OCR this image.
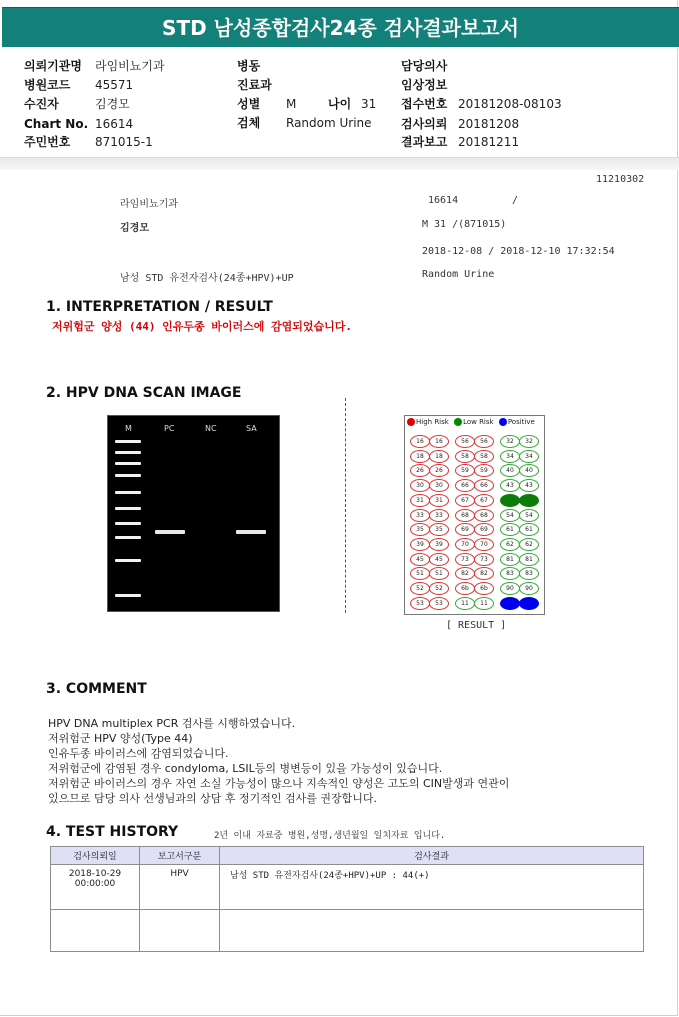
STD 남성종합검사24종 검사결과보고서
의뢰기관명 라임비뇨기과
병원코드 45571
수진자	김경모
Chart No. 16614
주민번호 871015-1
병동
진료과
성별 M	나이 31
검체 Random Urine
담당의사
임상정보
접수번호 20181208-08103
검사의뢰 20181208
결과보고 20181211
11210302
라임비뇨기과	16614	/
김경모	M 31 /(871015)
2018-12-08 / 2018-12-10 17:32:54
남성 STD 유전자검사(24종+HPV)+UP	Random Urine
1. INTERPRETATION / RESULT
저위험군 양성 (44) 인유두종 바이러스에 감염되었습니다.
2. HPV DNA SCAN IMAGE
M	PC	NC	SA
High Risk Low Risk Positive
16	16	56	56	32	32
18	18	58	58	34	34
26	26	59	59	40	40
30	30	66	66	43	43
31	31	67	67	44	44
33	33	68	68	54	54
35	35	69	69	61	61
39	39	70	70	62	62
45	45	73	73	81	81
51	51	82	82	83	83
52	52	6b	6b	90	90
53	53	11	11
[ RESULT ]
3. COMMENT
HPV DNA multiplex PCR 검사를 시행하였습니다.
저위험군 HPV 양성(Type 44)
인유두종 바이러스에 감염되었습니다.
저위험군에 감염된 경우 condyloma, LSIL등의 병변등이 있을 가능성이 있습니다.
저위험군 바이러스의 경우 자연 소실 가능성이 많으나 지속적인 양성은 고도의 CIN발생과 연관이
있으므로 담당 의사 선생님과의 상담 후 정기적인 검사를 권장합니다.
4. TEST HISTORY	2년 이내 자료중 병원,성명,생년월일 일치자료 입니다.
검사의뢰일	보고서구분	검사결과

2018-10-29
00:00:00	HPV	남성 STD 유전자검사(24종+HPV)+UP : 44(+)
